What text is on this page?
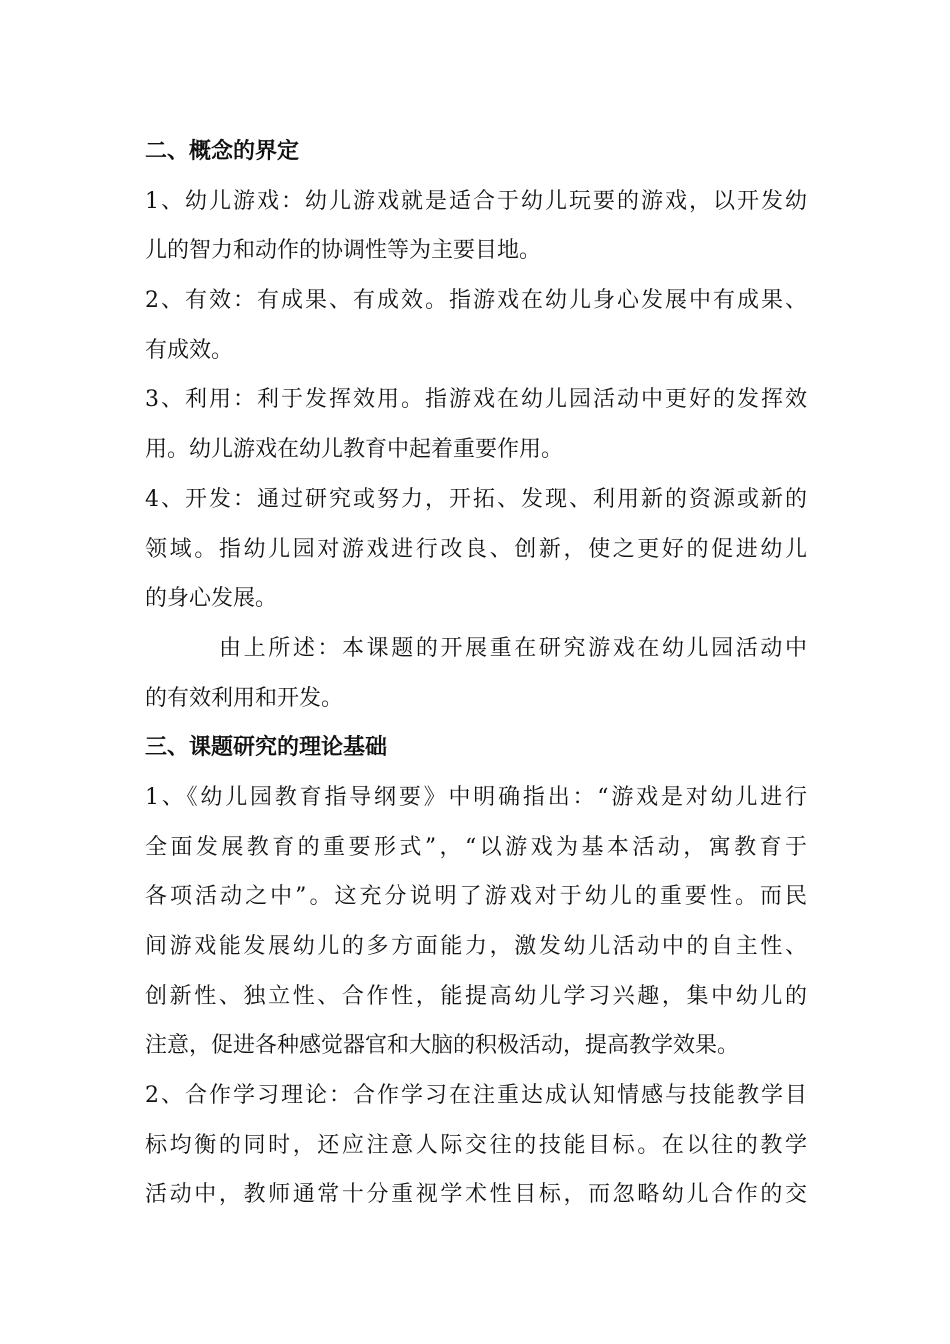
二、概念的界定
1、幼儿游戏：幼儿游戏就是适合于幼儿玩要的游戏，以开发幼
儿的智力和动作的协调性等为主要目地。
2、有效：有成果、有成效。指游戏在幼儿身心发展中有成果、
有成效。
3、利用：利于发挥效用。指游戏在幼儿园活动中更好的发挥效
用。幼儿游戏在幼儿教育中起着重要作用。
4、开发：通过研究或努力，开拓、发现、利用新的资源或新的
领域。指幼儿园对游戏进行改良、创新，使之更好的促进幼儿
的身心发展。
由上所述：本课题的开展重在研究游戏在幼儿园活动中
的有效利用和开发。
三、课题研究的理论基础
1、《幼儿园教育指导纲要》中明确指出：“游戏是对幼儿进行
全面发展教育的重要形式”，“以游戏为基本活动，寓教育于
各项活动之中”。这充分说明了游戏对于幼儿的重要性。而民
间游戏能发展幼儿的多方面能力，激发幼儿活动中的自主性、
创新性、独立性、合作性，能提高幼儿学习兴趣，集中幼儿的
注意，促进各种感觉器官和大脑的积极活动，提高教学效果。
2、合作学习理论：合作学习在注重达成认知情感与技能教学目
标均衡的同时，还应注意人际交往的技能目标。在以往的教学
活动中，教师通常十分重视学术性目标，而忽略幼儿合作的交
